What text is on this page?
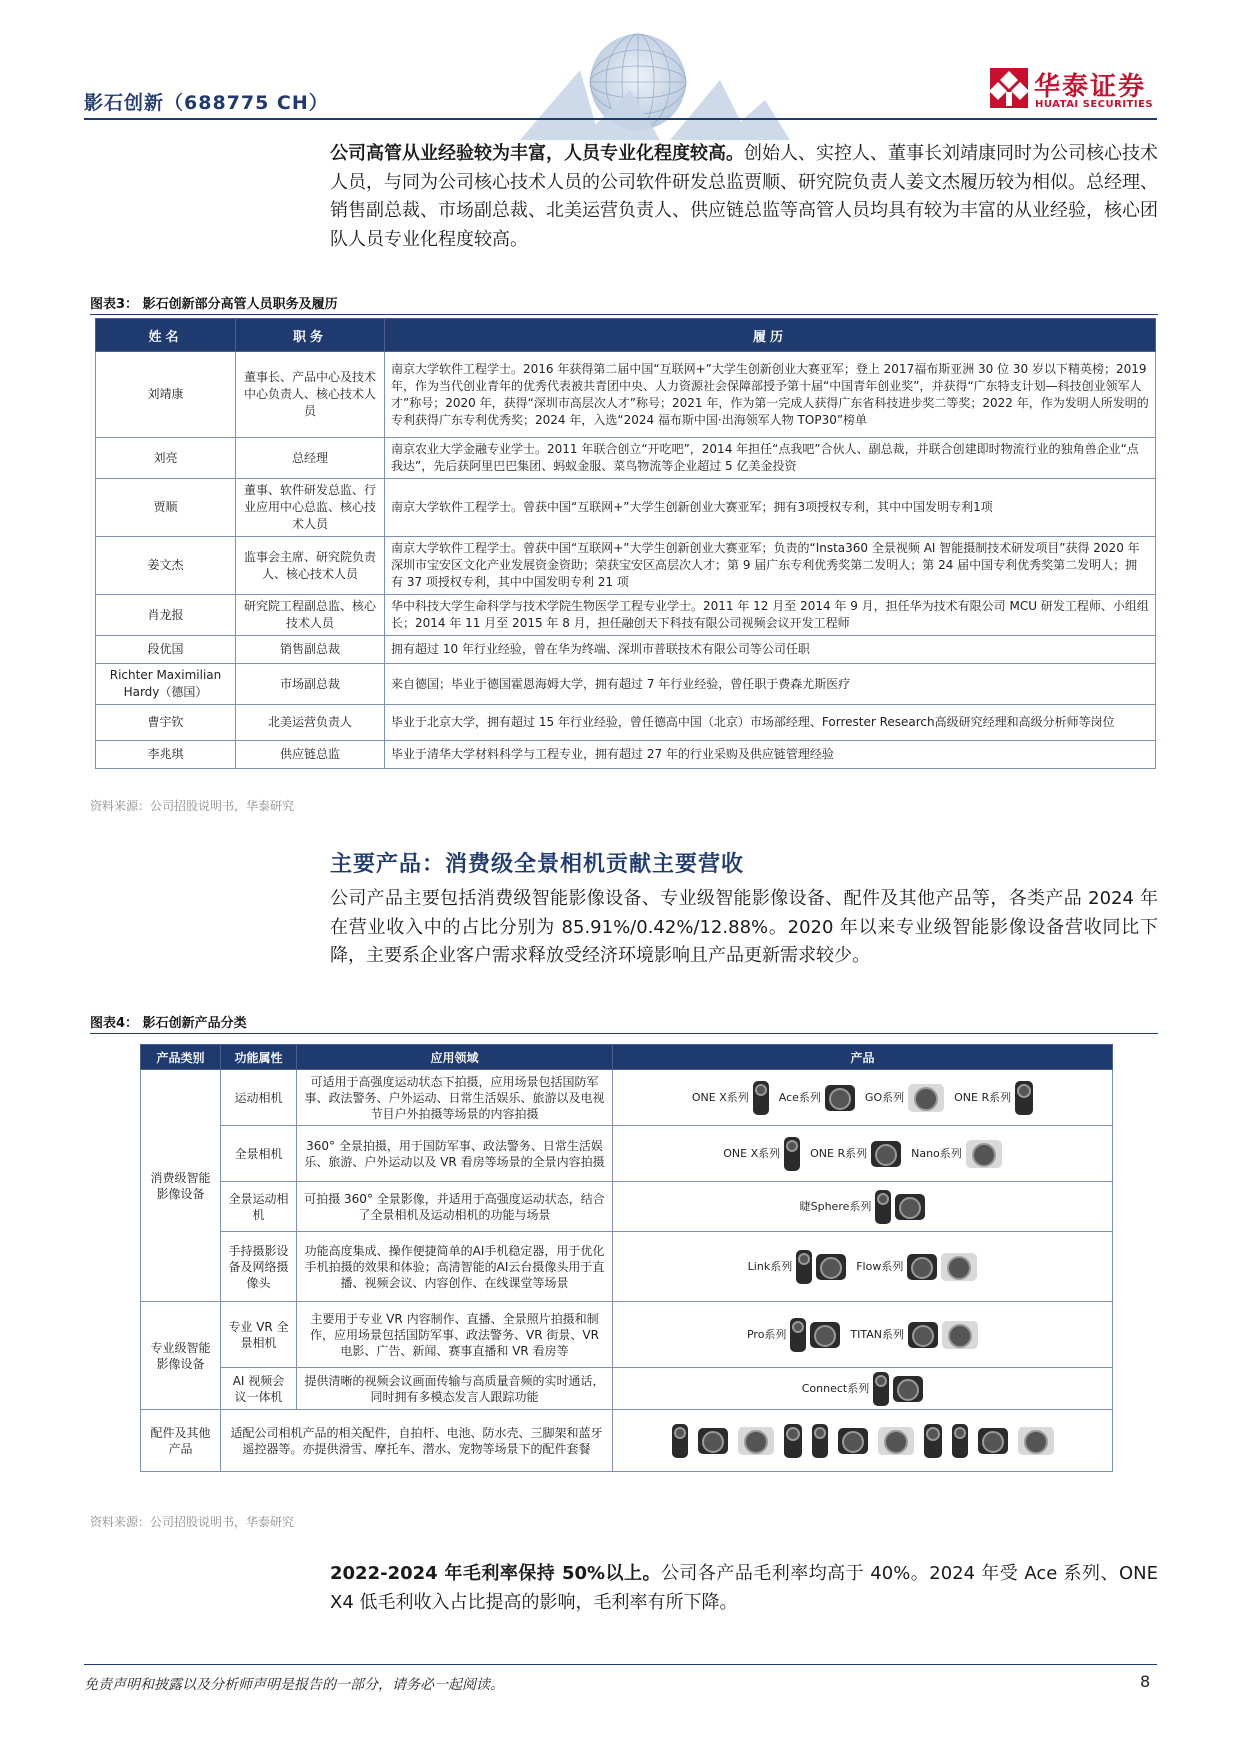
影石创新（688775 CH）
华泰证券
HUATAI SECURITIES
公司高管从业经验较为丰富，人员专业化程度较高。创始人、实控人、董事长刘靖康同时为公司核心技术人员，与同为公司核心技术人员的公司软件研发总监贾顺、研究院负责人姜文杰履历较为相似。总经理、销售副总裁、市场副总裁、北美运营负责人、供应链总监等高管人员均具有较为丰富的从业经验，核心团队人员专业化程度较高。
图表3： 影石创新部分高管人员职务及履历
姓名	职务	履历
刘靖康	董事长、产品中心及技术中心负责人、核心技术人员	南京大学软件工程学士。2016 年获得第二届中国“互联网+”大学生创新创业大赛亚军；登上 2017福布斯亚洲 30 位 30 岁以下精英榜；2019 年，作为当代创业青年的优秀代表被共青团中央、人力资源社会保障部授予第十届“中国青年创业奖”，并获得“广东特支计划—科技创业领军人才”称号；2020 年，获得“深圳市高层次人才”称号；2021 年，作为第一完成人获得广东省科技进步奖二等奖；2022 年，作为发明人所发明的专利获得广东专利优秀奖；2024 年，入选“2024 福布斯中国·出海领军人物 TOP30”榜单
刘亮	总经理	南京农业大学金融专业学士。2011 年联合创立“开吃吧”，2014 年担任“点我吧”合伙人、副总裁，并联合创建即时物流行业的独角兽企业“点我达”，先后获阿里巴巴集团、蚂蚁金服、菜鸟物流等企业超过 5 亿美金投资
贾顺	董事、软件研发总监、行业应用中心总监、核心技术人员	南京大学软件工程学士。曾获中国“互联网+”大学生创新创业大赛亚军；拥有3项授权专利，其中中国发明专利1项
姜文杰	监事会主席、研究院负责人、核心技术人员	南京大学软件工程学士。曾获中国“互联网+”大学生创新创业大赛亚军；负责的“Insta360 全景视频 AI 智能摄制技术研发项目”获得 2020 年深圳市宝安区文化产业发展资金资助；荣获宝安区高层次人才；第 9 届广东专利优秀奖第二发明人；第 24 届中国专利优秀奖第二发明人；拥有 37 项授权专利，其中中国发明专利 21 项
肖龙报	研究院工程副总监、核心技术人员	华中科技大学生命科学与技术学院生物医学工程专业学士。2011 年 12 月至 2014 年 9 月，担任华为技术有限公司 MCU 研发工程师、小组组长；2014 年 11 月至 2015 年 8 月，担任融创天下科技有限公司视频会议开发工程师
段优国	销售副总裁	拥有超过 10 年行业经验，曾在华为终端、深圳市普联技术有限公司等公司任职
Richter Maximilian Hardy（德国）	市场副总裁	来自德国；毕业于德国霍恩海姆大学，拥有超过 7 年行业经验，曾任职于费森尤斯医疗
曹宇钦	北美运营负责人	毕业于北京大学，拥有超过 15 年行业经验，曾任德高中国（北京）市场部经理、Forrester Research高级研究经理和高级分析师等岗位
李兆琪	供应链总监	毕业于清华大学材料科学与工程专业，拥有超过 27 年的行业采购及供应链管理经验
资料来源：公司招股说明书，华泰研究
主要产品：消费级全景相机贡献主要营收
公司产品主要包括消费级智能影像设备、专业级智能影像设备、配件及其他产品等，各类产品 2024 年在营业收入中的占比分别为 85.91%/0.42%/12.88%。2020 年以来专业级智能影像设备营收同比下降，主要系企业客户需求释放受经济环境影响且产品更新需求较少。
图表4： 影石创新产品分类
产品类别	功能属性	应用领域	产品
消费级智能影像设备	运动相机	可适用于高强度运动状态下拍摄，应用场景包括国防军事、政法警务、户外运动、日常生活娱乐、旅游以及电视节目户外拍摄等场景的内容拍摄	ONE X系列 Ace系列 GO系列 ONE R系列

	全景相机	360° 全景拍摄，用于国防军事、政法警务、日常生活娱乐、旅游、户外运动以及 VR 看房等场景的全景内容拍摄	ONE X系列 ONE R系列 Nano系列

	全景运动相机	可拍摄 360° 全景影像，并适用于高强度运动状态，结合了全景相机及运动相机的功能与场景	睫Sphere系列

	手持摄影设备及网络摄像头	功能高度集成、操作便捷简单的AI手机稳定器，用于优化手机拍摄的效果和体验；高清智能的AI云台摄像头用于直播、视频会议、内容创作、在线课堂等场景	Link系列 Flow系列

专业级智能影像设备	专业 VR 全景相机	主要用于专业 VR 内容制作、直播、全景照片拍摄和制作，应用场景包括国防军事、政法警务、VR 街景、VR 电影、广告、新闻、赛事直播和 VR 看房等	Pro系列 TITAN系列

	AI 视频会议一体机	提供清晰的视频会议画面传输与高质量音频的实时通话，同时拥有多模态发言人跟踪功能	Connect系列

配件及其他产品	适配公司相机产品的相关配件，自拍杆、电池、防水壳、三脚架和蓝牙遥控器等。亦提供滑雪、摩托车、潜水、宠物等场景下的配件套餐		
资料来源：公司招股说明书，华泰研究
2022-2024 年毛利率保持 50%以上。公司各产品毛利率均高于 40%。2024 年受 Ace 系列、ONE X4 低毛利收入占比提高的影响，毛利率有所下降。
免责声明和披露以及分析师声明是报告的一部分，请务必一起阅读。	8
